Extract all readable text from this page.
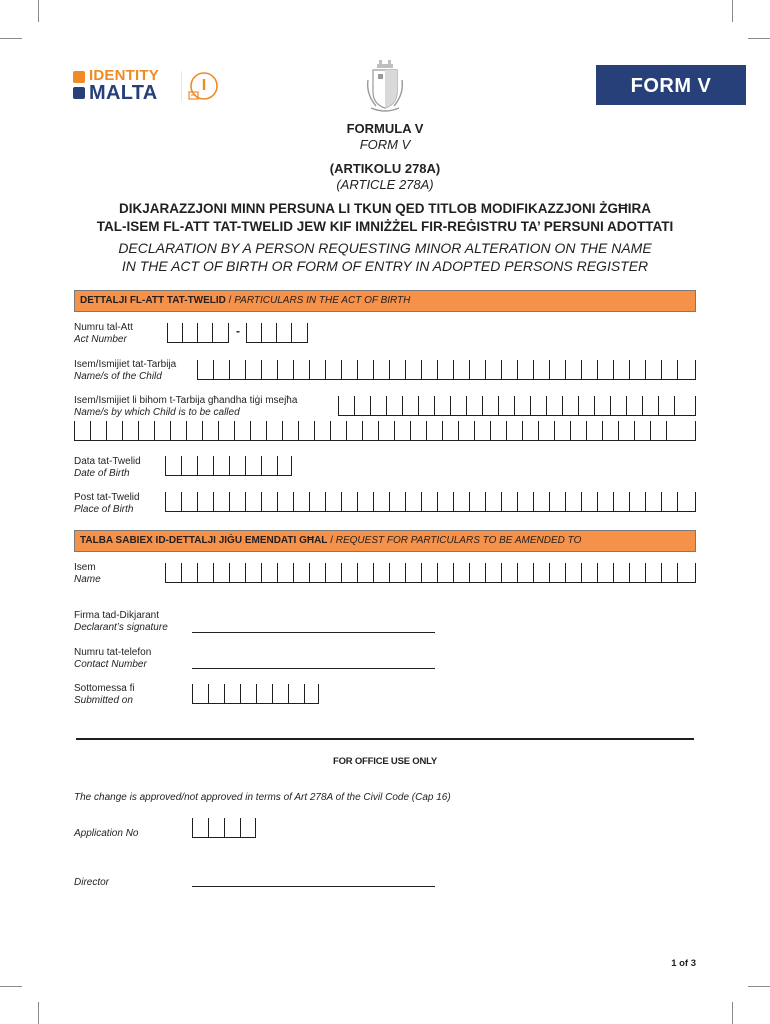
IDENTITY
MALTA	FORM V
FORMULA V
FORM V
(ARTIKOLU 278A)
(ARTICLE 278A)
DIKJARAZZJONI MINN PERSUNA LI TKUN QED TITLOB MODIFIKAZZJONI ŻGĦIRA
TAL-ISEM FL-ATT TAT-TWELID JEW KIF IMNIŻŻEL FIR-REĠISTRU TA’ PERSUNI ADOTTATI
DECLARATION BY A PERSON REQUESTING MINOR ALTERATION ON THE NAME
IN THE ACT OF BIRTH OR FORM OF ENTRY IN ADOPTED PERSONS REGISTER
DETTALJI FL-ATT TAT-TWELID / PARTICULARS IN THE ACT OF BIRTH
Numru tal-Att
Act Number
-
Isem/Ismijiet tat-Tarbija
Name/s of the Child
Isem/Ismijiet li bihom t-Tarbija għandha tiġi msejħa
Name/s by which Child is to be called
Data tat-Twelid
Date of Birth
Post tat-Twelid
Place of Birth
TALBA SABIEX ID-DETTALJI JIĠU EMENDATI GĦAL / REQUEST FOR PARTICULARS TO BE AMENDED TO
Isem
Name
Firma tad-Dikjarant
Declarant’s signature
Numru tat-telefon
Contact Number
Sottomessa fi
Submitted on
FOR OFFICE USE ONLY
The change is approved/not approved in terms of Art 278A of the Civil Code (Cap 16)
Application No
Director
1 of 3
